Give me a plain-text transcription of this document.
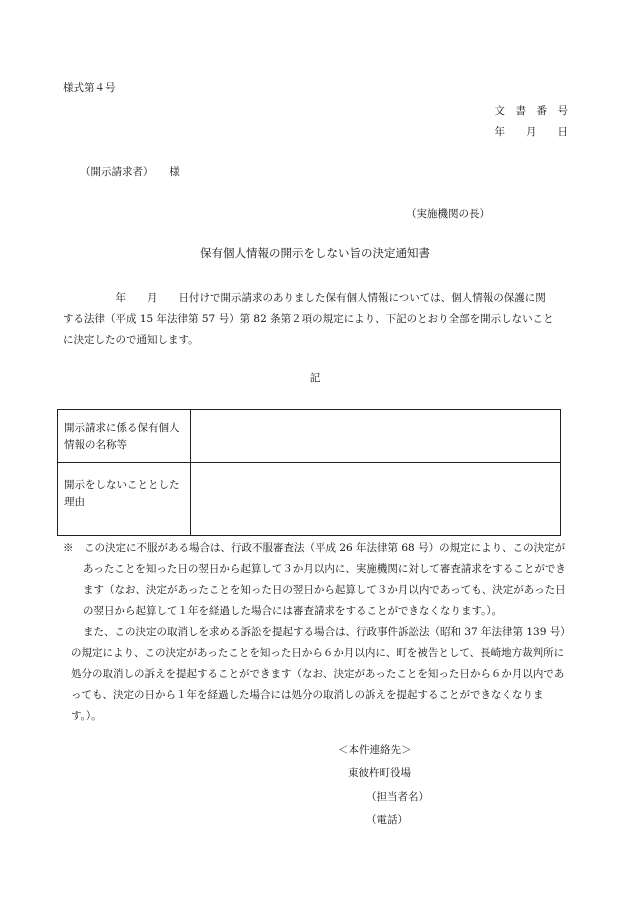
様式第４号
文　書　番　号
年　　月　　日
（開示請求者）　　様
（実施機関の長）
保有個人情報の開示をしない旨の決定通知書

　　　　　年　　月　　日付けで開示請求のありました保有個人情報については、個人情報の保護に関

する法律（平成 15 年法律第 57 号）第 82 条第２項の規定により、下記のとおり全部を開示しないこと

に決定したので通知します。

記
開示請求に係る保有個人情報の名称等	
開示をしないこととした理由	

※　この決定に不服がある場合は、行政不服審査法（平成 26 年法律第 68 号）の規定により、この決定があったことを知った日の翌日から起算して３か月以内に、実施機関に対して審査請求をすることができます（なお、決定があったことを知った日の翌日から起算して３か月以内であっても、決定があった日の翌日から起算して１年を経過した場合には審査請求をすることができなくなります。）。

また、この決定の取消しを求める訴訟を提起する場合は、行政事件訴訟法（昭和 37 年法律第 139 号）の規定により、この決定があったことを知った日から６か月以内に、町を被告として、長崎地方裁判所に処分の取消しの訴えを提起することができます（なお、決定があったことを知った日から６か月以内であっても、決定の日から１年を経過した場合には処分の取消しの訴えを提起することができなくなります。）。

＜本件連絡先＞
東彼杵町役場
（担当者名）
（電話）
